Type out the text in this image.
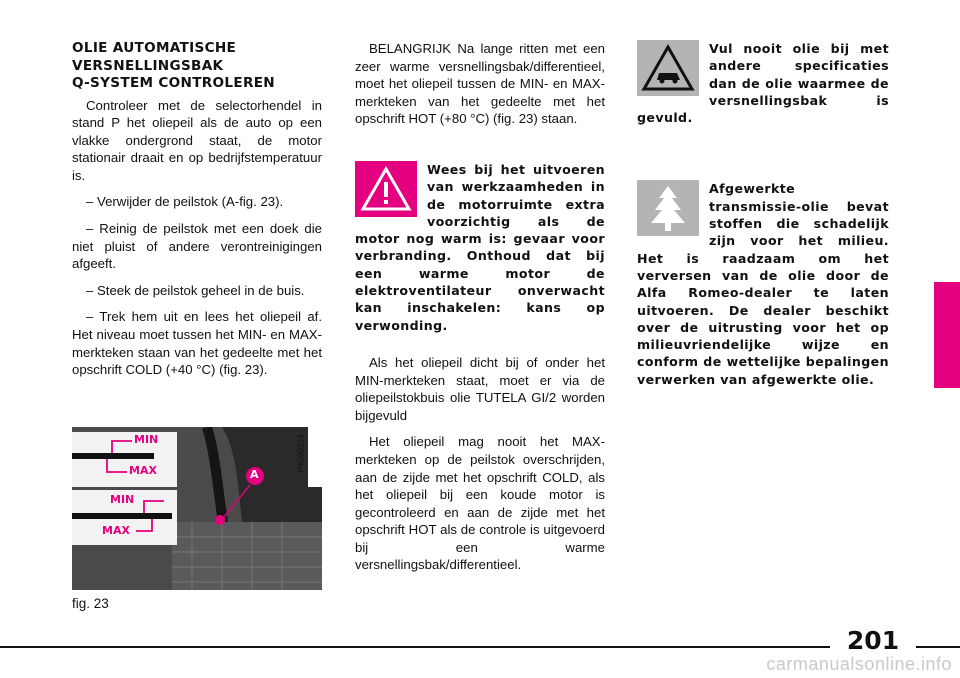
OLIE AUTOMATISCHE
VERSNELLINGSBAK
Q-SYSTEM CONTROLEREN

Controleer met de selectorhendel in stand P het oliepeil als de auto op een vlakke ondergrond staat, de motor stationair draait en op bedrijfstemperatuur is.

– Verwijder de peilstok (A-fig. 23).

– Reinig de peilstok met een doek die niet pluist of andere verontreinigingen afgeeft.

– Steek de peilstok geheel in de buis.

– Trek hem uit en lees het oliepeil af. Het niveau moet tussen het MIN- en MAX-merkteken staan van het gedeelte met het opschrift COLD (+40 °C) (fig. 23).

MIN
MAX
MIN
MAX
A
P4U00323
fig. 23

BELANGRIJK Na lange ritten met een zeer warme versnellingsbak/differentieel, moet het oliepeil tussen de MIN- en MAX-merkteken van het gedeelte met het opschrift HOT (+80 °C) (fig. 23) staan.

Wees bij het uitvoeren van werkzaamheden in de motorruimte extra voorzichtig als de motor nog warm is: gevaar voor verbranding. Onthoud dat bij een warme motor de elektroventilateur onverwacht kan inschakelen: kans op verwonding.

Als het oliepeil dicht bij of onder het MIN-merkteken staat, moet er via de oliepeilstokbuis olie TUTELA GI/2 worden bijgevuld

Het oliepeil mag nooit het MAX-merkteken op de peilstok overschrijden, aan de zijde met het opschrift COLD, als het oliepeil bij een koude motor is gecontroleerd en aan de zijde met het opschrift HOT als de controle is uitgevoerd bij een warme versnellingsbak/differentieel.

Vul nooit olie bij met andere specificaties dan de olie waarmee de versnellingsbak is gevuld.
Afgewerkte transmissie-olie bevat stoffen die schadelijk zijn voor het milieu. Het is raadzaam om het verversen van de olie door de Alfa Romeo-dealer te laten uitvoeren. De dealer beschikt over de uitrusting voor het op milieuvriendelijke wijze en conform de wettelijke bepalingen verwerken van afgewerkte olie.
201
carmanualsonline.info
